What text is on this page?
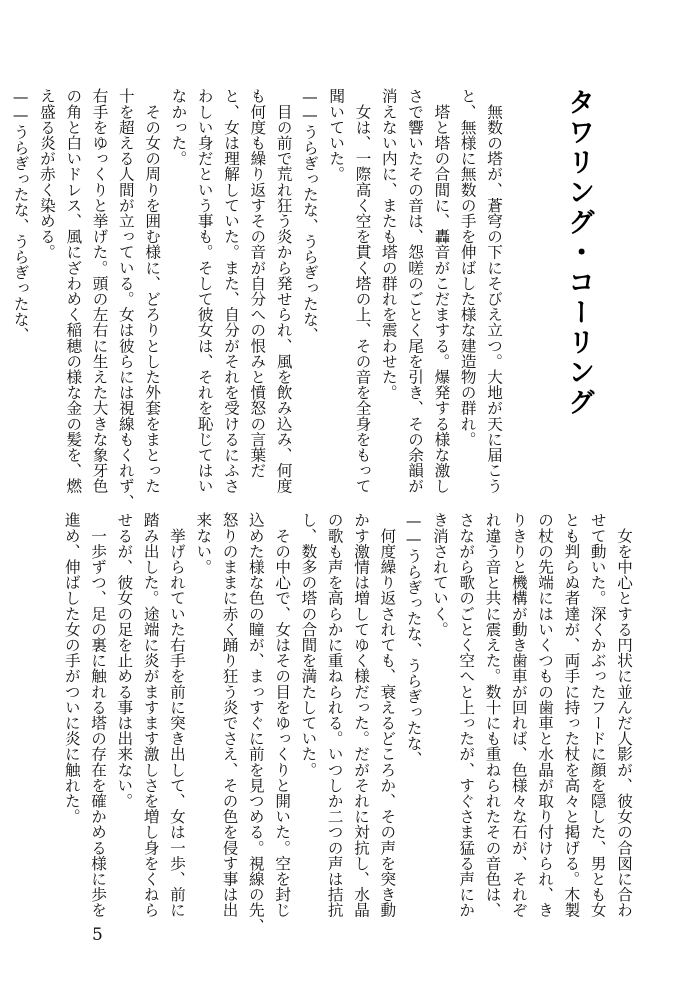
タワリング・コーリング

　無数の塔が、蒼穹の下にそびえ立つ。大地が天に届こう

と、無様に無数の手を伸ばした様な建造物の群れ。

　塔と塔の合間に、轟音がこだまする。爆発する様な激し

さで響いたその音は、怨嗟のごとく尾を引き、その余韻が

消えない内に、またも塔の群れを震わせた。

　女は、一際高く空を貫く塔の上、その音を全身をもって

聞いていた。

——うらぎったな、うらぎったな、

　目の前で荒れ狂う炎から発せられ、風を飲み込み、何度

も何度も繰り返すその音が自分への恨みと憤怒の言葉だ

と、女は理解していた。また、自分がそれを受けるにふさ

わしい身だという事も。そして彼女は、それを恥じてはい

なかった。

　その女の周りを囲む様に、どろりとした外套をまとった

十を超える人間が立っている。女は彼らには視線もくれず、

右手をゆっくりと挙げた。頭の左右に生えた大きな象牙色

の角と白いドレス、風にざわめく稲穂の様な金の髪を、燃

え盛る炎が赤く染める。

——うらぎったな、うらぎったな、

　女を中心とする円状に並んだ人影が、彼女の合図に合わ

せて動いた。深くかぶったフードに顔を隠した、男とも女

とも判らぬ者達が、両手に持った杖を高々と掲げる。木製

の杖の先端にはいくつもの歯車と水晶が取り付けられ、き

りきりと機構が動き歯車が回れば、色様々な石が、それぞ

れ違う音と共に震えた。数十にも重ねられたその音色は、

さながら歌のごとく空へと上ったが、すぐさま猛る声にか

き消されていく。

——うらぎったな、うらぎったな、

　何度繰り返されても、衰えるどころか、その声を突き動

かす激情は増してゆく様だった。だがそれに対抗し、水晶

の歌も声を高らかに重ねられる。いつしか二つの声は拮抗

し、数多の塔の合間を満たしていた。

　その中心で、女はその目をゆっくりと開いた。空を封じ

込めた様な色の瞳が、まっすぐに前を見つめる。視線の先、

怒りのままに赤く踊り狂う炎でさえ、その色を侵す事は出

来ない。

　挙げられていた右手を前に突き出して、女は一歩、前に

踏み出した。途端に炎がますます激しさを増し身をくねら

せるが、彼女の足を止める事は出来ない。

　一歩ずつ、足の裏に触れる塔の存在を確かめる様に歩を

進め、伸ばした女の手がついに炎に触れた。

5
